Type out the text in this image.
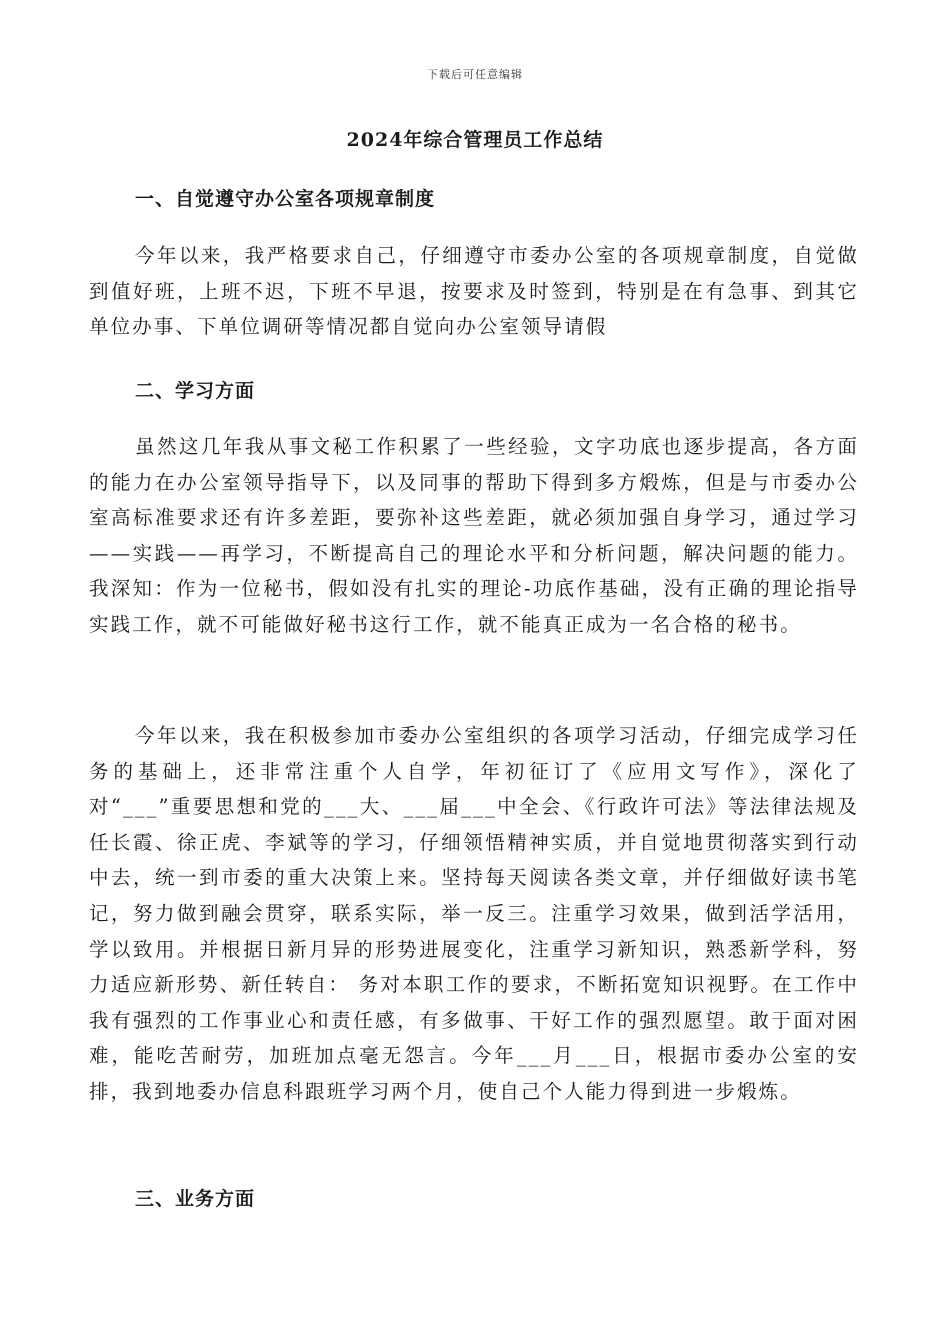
下载后可任意编辑
2024年综合管理员工作总结
一、自觉遵守办公室各项规章制度

今年以来，我严格要求自己，仔细遵守市委办公室的各项规章制度，自觉做到值好班，上班不迟，下班不早退，按要求及时签到，特别是在有急事、到其它单位办事、下单位调研等情况都自觉向办公室领导请假

二、学习方面

虽然这几年我从事文秘工作积累了一些经验，文字功底也逐步提高，各方面的能力在办公室领导指导下，以及同事的帮助下得到多方煅炼，但是与市委办公室高标准要求还有许多差距，要弥补这些差距，就必须加强自身学习，通过学习——实践——再学习，不断提高自己的理论水平和分析问题，解决问题的能力。我深知：作为一位秘书，假如没有扎实的理论-功底作基础，没有正确的理论指导实践工作，就不可能做好秘书这行工作，就不能真正成为一名合格的秘书。

今年以来，我在积极参加市委办公室组织的各项学习活动，仔细完成学习任务的基础上，还非常注重个人自学，年初征订了《应用文写作》，深化了对“___”重要思想和党的___大、___届___中全会、《行政许可法》等法律法规及任长霞、徐正虎、李斌等的学习，仔细领悟精神实质，并自觉地贯彻落实到行动中去，统一到市委的重大决策上来。坚持每天阅读各类文章，并仔细做好读书笔记，努力做到融会贯穿，联系实际，举一反三。注重学习效果，做到活学活用，学以致用。并根据日新月异的形势进展变化，注重学习新知识，熟悉新学科，努力适应新形势、新任转自： 务对本职工作的要求，不断拓宽知识视野。在工作中我有强烈的工作事业心和责任感，有多做事、干好工作的强烈愿望。敢于面对困难，能吃苦耐劳，加班加点毫无怨言。今年___月___日，根据市委办公室的安排，我到地委办信息科跟班学习两个月，使自己个人能力得到进一步煅炼。

三、业务方面
